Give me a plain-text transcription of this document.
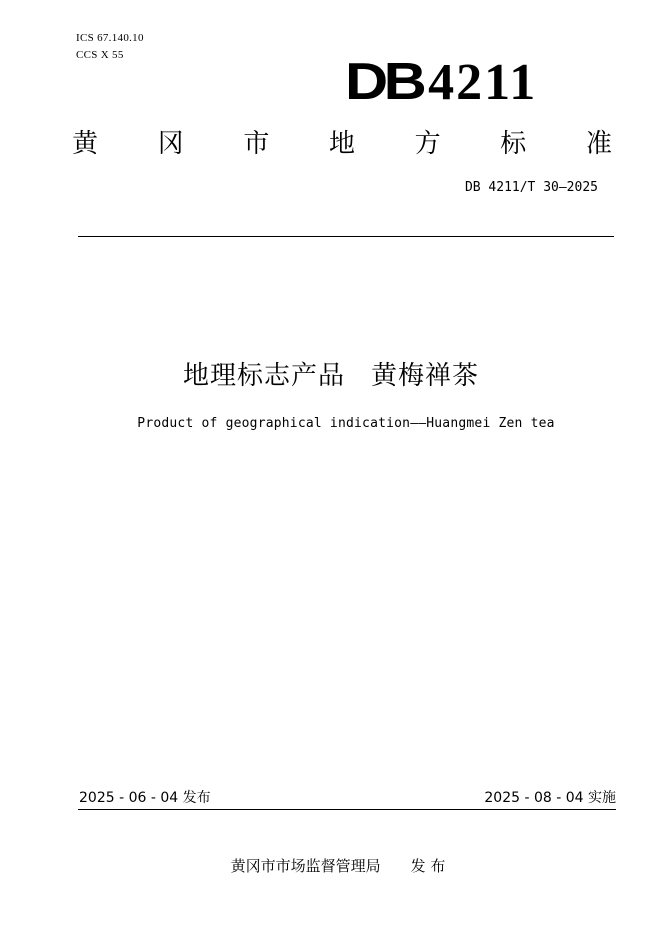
ICS 67.140.10
CCS X 55	DB 4211
黄 冈 市 地 方 标 准
DB 4211/T 30—2025
地理标志产品 黄梅禅茶
Product of geographical indication——Huangmei Zen tea
2025 - 06 - 04 发布	2025 - 08 - 04 实施
黄冈市市场监督管理局 发 布
